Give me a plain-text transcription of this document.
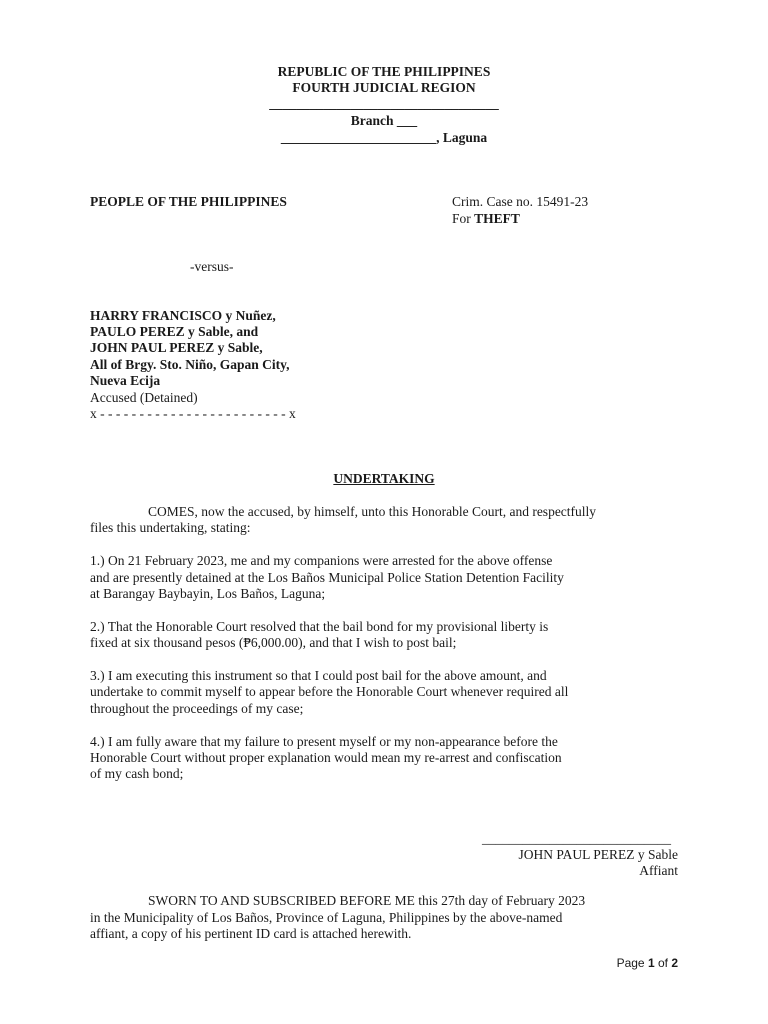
REPUBLIC OF THE PHILIPPINES
FOURTH JUDICIAL REGION
__________________________________
Branch ___
_______________________, Laguna
PEOPLE OF THE PHILIPPINES	Crim. Case no. 15491-23
For THEFT
-versus-
HARRY FRANCISCO y Nuñez,
PAULO PEREZ y Sable, and
JOHN PAUL PEREZ y Sable,
All of Brgy. Sto. Niño, Gapan City,
Nueva Ecija
Accused (Detained)
x - - - - - - - - - - - - - - - - - - - - - - - - x
UNDERTAKING
COMES, now the accused, by himself, unto this Honorable Court, and respectfully
files this undertaking, stating:
1.) On 21 February 2023, me and my companions were arrested for the above offense
and are presently detained at the Los Baños Municipal Police Station Detention Facility
at Barangay Baybayin, Los Baños, Laguna;
2.) That the Honorable Court resolved that the bail bond for my provisional liberty is
fixed at six thousand pesos (₱6,000.00), and that I wish to post bail;
3.) I am executing this instrument so that I could post bail for the above amount, and
undertake to commit myself to appear before the Honorable Court whenever required all
throughout the proceedings of my case;
4.) I am fully aware that my failure to present myself or my non-appearance before the
Honorable Court without proper explanation would mean my re-arrest and confiscation
of my cash bond;
____________________________
JOHN PAUL PEREZ y Sable
Affiant
SWORN TO AND SUBSCRIBED BEFORE ME this 27th day of February 2023
in the Municipality of Los Baños, Province of Laguna, Philippines by the above-named
affiant, a copy of his pertinent ID card is attached herewith.
Page 1 of 2
